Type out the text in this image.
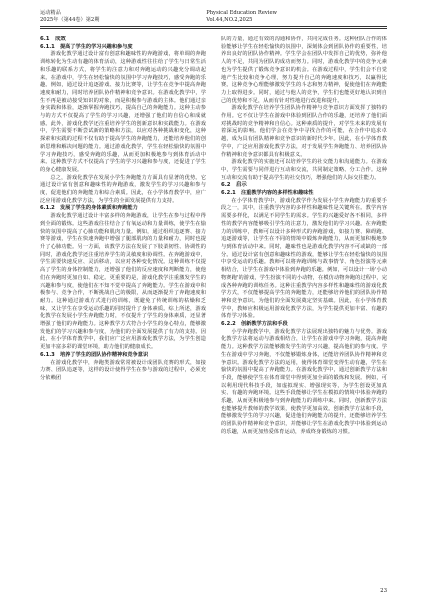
运动精品
2025年（第44卷）第2期
Physical Education Review
Vol.44,NO.2,2025
6.1　成效
6.1.1　提高了学生的学习兴趣和参与度
游戏化教学通过设计富有创意和趣味性的奔跑游戏，将单调的奔跑训练转化为生动有趣的体育活动，这种游戏性往往给了学生与日常生活和乐趣的联系方式，将学生的注意力和对奔跑运动的兴趣充分调动起来。在游戏中，学生在轻松愉快的氛围中学习奔跑技巧，感受奔跑的乐趣。例如，通过设计追逐游戏、接力比赛等，让学生在竞争中提高奔跑速度和耐力，同时培养团队协作精神和竞争意识。在游戏化教学中，学生不再是被动接受知识的对象，而是积极参与游戏的主体。他们通过亲身实践和体验，逐渐掌握奔跑技巧，提高自己的奔跑能力。这种主动参与的方式不仅提高了学生的学习兴趣，还增强了他们的自信心和成就感。此外，游戏化教学还注重培养学生的创新意识和实践能力。在游戏中，学生需要不断尝试新的策略和方法，以应对各种挑战和变化，这种探索和实践的过程不仅有助于提高学生的奔跑能力，还能培养他们的创新思维和解决问题的能力。通过游戏化教学，学生在轻松愉快的氛围中学习奔跑技巧，感受奔跑的乐趣，从而更加积极地参与到体育活动中来。这种教学方式不仅提高了学生的学习兴趣和参与度，还促进了学生的身心健康发展。
总之，游戏化教学在发展小学生奔跑能力方面具有显著的优势。它通过设计富有创意和趣味性的奔跑游戏，激发学生的学习兴趣和参与度，促进他们的奔跑能力和综合素质。因此，在小学体育教学中，应广泛应用游戏化教学方法，为学生的全面发展提供有力支持。
6.1.2　发展了学生的身体素质和奔跑能力
游戏化教学通过设计丰富多样的奔跑游戏，让学生在参与过程中得到全面的锻炼。这些游戏往往结合了有氧运动和力量训练，使学生在愉快的氛围中提高了心肺功能和肌肉力量。例如，通过组织追逐赛、接力赛等游戏，学生在快速奔跑中增强了腿部肌肉的力量和耐力，同时也提升了心肺功能。另一方面，该教学方法在发展了下肢柔韧性、协调性的同时，游戏化教学还注重培养学生的灵敏度和协调性。在奔跑游戏中，学生需要快速反应、灵活移动，以应对各种变化情况。这种训练不仅提高了学生的身体控制能力，还增强了他们的反应速度和判断能力，使他们在奔跑时更加自如、稳定。更重要的是，游戏化教学注重激发学生的兴趣和参与度，使他们在不知不觉中提高了奔跑能力。学生在游戏中积极参与、竞争合作，不断挑战自己的极限，从而逐渐提升了奔跑速度和耐力。这种通过游戏方式进行的训练，既避免了传统训练的枯燥和乏味，又让学生在享受运动乐趣的同时提升了身体素质。综上所述，游戏化教学在发展小学生奔跑能力时，不仅提升了学生的身体素质，还显著增强了他们的奔跑能力。这种教学方式符合小学生的身心特点，能够激发他们的学习兴趣和参与度，为他们的全面发展提供了有力的支持。因此，在小学体育教学中，我们应广泛应用游戏化教学方法，为学生创造更加丰富多彩的课堂环境，助力他们的健康成长。
6.1.3　培养了学生的团队协作精神和竞争意识
在游戏化教学中，奔跑类游戏常常被设计成团队竞赛的形式，如接力赛、团队追逐等，这样的设计使得学生在参与游戏的过程中，必须充分依赖团
队的力量，通过有效的沟通和协作，共同完成任务。这种团队合作的体验能够让学生在轻松愉快的氛围中，深刻体会到团队协作的重要性，培养出良好的团队协作精神。学生学会在团队中发挥自己的优势，弥补他人的不足，共同为团队的成功而努力。同时，游戏化教学中的竞争元素也为学生提供了锻炼竞争意识的机会。在游戏过程中，学生们会不自觉地产生比较和竞争心理，努力提升自己的奔跑速度和技巧，以赢得比赛。这种竞争心理能够激发学生的斗志和努力精神，促使他们在奔跑能力上取得进步。同时，通过与他人的竞争，学生们也能更好地认识到自己的优势和不足，从而有针对性地进行改进和提升。
游戏化教学在培养学生团队协作精神与竞争意识方面发挥了独特的作用。它不仅让学生在游戏中体验到团队合作的乐趣，还培养了他们面对挑战时的竞争精神和自信心。这种素质的提升，对学生未来的发展有着深远的影响。他们学会在竞争中寻找合作的可能，在合作中追求卓越，成为具有团队精神和竞争意识的新时代少年。因此，在小学体育教学中，广泛应用游戏化教学方法，对于发展学生奔跑能力、培养团队协作精神和竞争意识都具有积极意义。
游戏化教学的实施还可以培养学生的社交能力和沟通能力。在游戏中，学生需要与同伴进行互动和交流，共同制定策略、分工合作。这种互动和交流有助于提高学生的社交技巧，增强他们的人际交往能力。
6.2　启示
6.2.1　注重教学内容的多样性和趣味性
在小学体育教学中，游戏化教学作为发展小学生奔跑能力的重要手段之一，其中，注重教学内容的多样性和趣味性是关键所在。教学内容需要多样化，以满足不同学生的需求。学生的兴趣爱好各不相同，多样性的教学内容能够吸引学生的注意力，激发他们的学习兴趣。在奔跑能力的训练中，教师可以设计多种形式的奔跑游戏，如接力赛、障碍跑、追逐游戏等，让学生在不同的情境中锻炼奔跑能力，从而更加积极地参与到体育活动中来。同时，趣味性也是游戏化教学内容不可或缺的一部分。通过设计富有创意和趣味性的游戏，能够让学生在轻松愉快的氛围中享受运动的乐趣。教师可以将奔跑训练与故事情节、角色扮演等元素相结合，让学生在游戏中体验到奔跑的乐趣。例如，可以设计一场'小动物赛跑'的游戏，学生扮演不同的小动物，在模仿动物奔跑的过程中，完成各种奔跑的训练任务。这种注重教学内容多样性和趣味性的游戏化教学方式，不仅能够提高学生的奔跑能力，还能够培养他们的团队协作精神和竞争意识。为他们的全面发展奠定坚实基础。因此，在小学体育教学中，教师应积极运用游戏化教学方法，为学生提供更加丰富、有趣的体育学习体验。
6.2.2　创新教学方法和手段
小学奔跑教学中，游戏化教学方法展现出独特的魅力与优势。游戏化教学方法将运动与游戏相结合，让学生在游戏中学习奔跑，提高奔跑能力。这种教学方法能够激发学生的学习兴趣，提高他们的参与度。学生在游戏中学习奔跑，不仅能够锻炼身体，还能培养团队协作精神和竞争意识。游戏化教学方法的运用，使得体育课堂变得生动有趣，学生在愉快的氛围中提高了奔跑能力。在游戏化教学中，通过创新教学方法和手段，能够使学生在体育课堂中得到更加全面的锻炼和发展。例如，可以利用现代科技手段，如虚拟现实、增强现实等，为学生创设更加真实、有趣的奔跑环境。这些手段能够让学生在模拟的情境中体验奔跑的乐趣，从而更积极地参与到奔跑能力的训练中来。同时，创新教学方法也能够提升教师的教学效果，使教学更加高效。创新教学方法和手段，能够激发学生的学习兴趣，促进他们奔跑能力的提升，还能够培养学生的团队协作精神和竞争意识，并能够让学生在游戏化教学中体验到运动的乐趣，从而更加热爱体育运动，养成终身锻炼的习惯。
23
